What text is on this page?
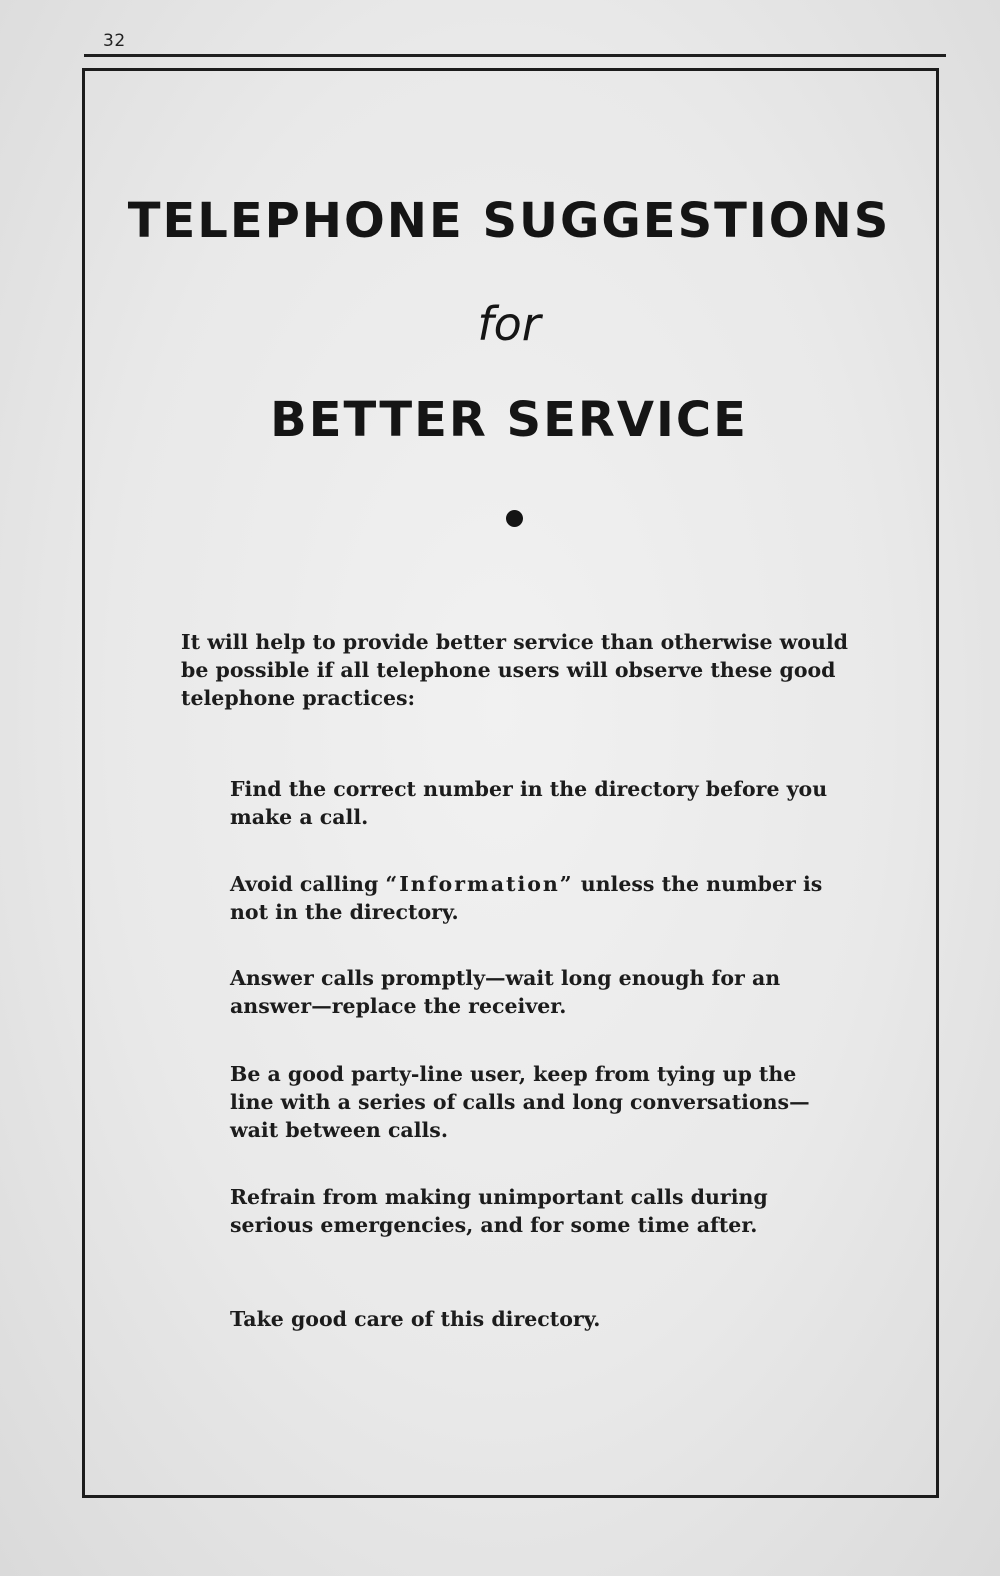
32
TELEPHONE SUGGESTIONS
for
BETTER SERVICE
It will help to provide better service than otherwise would be possible if all telephone users will observe these good telephone practices:
Find the correct number in the directory before you make a call.
Avoid calling “Information” unless the number is not in the directory.
Answer calls promptly—wait long enough for an answer—replace the receiver.
Be a good party-line user, keep from tying up the line with a series of calls and long conversations—wait between calls.
Refrain from making unimportant calls during serious emergencies, and for some time after.
Take good care of this directory.
